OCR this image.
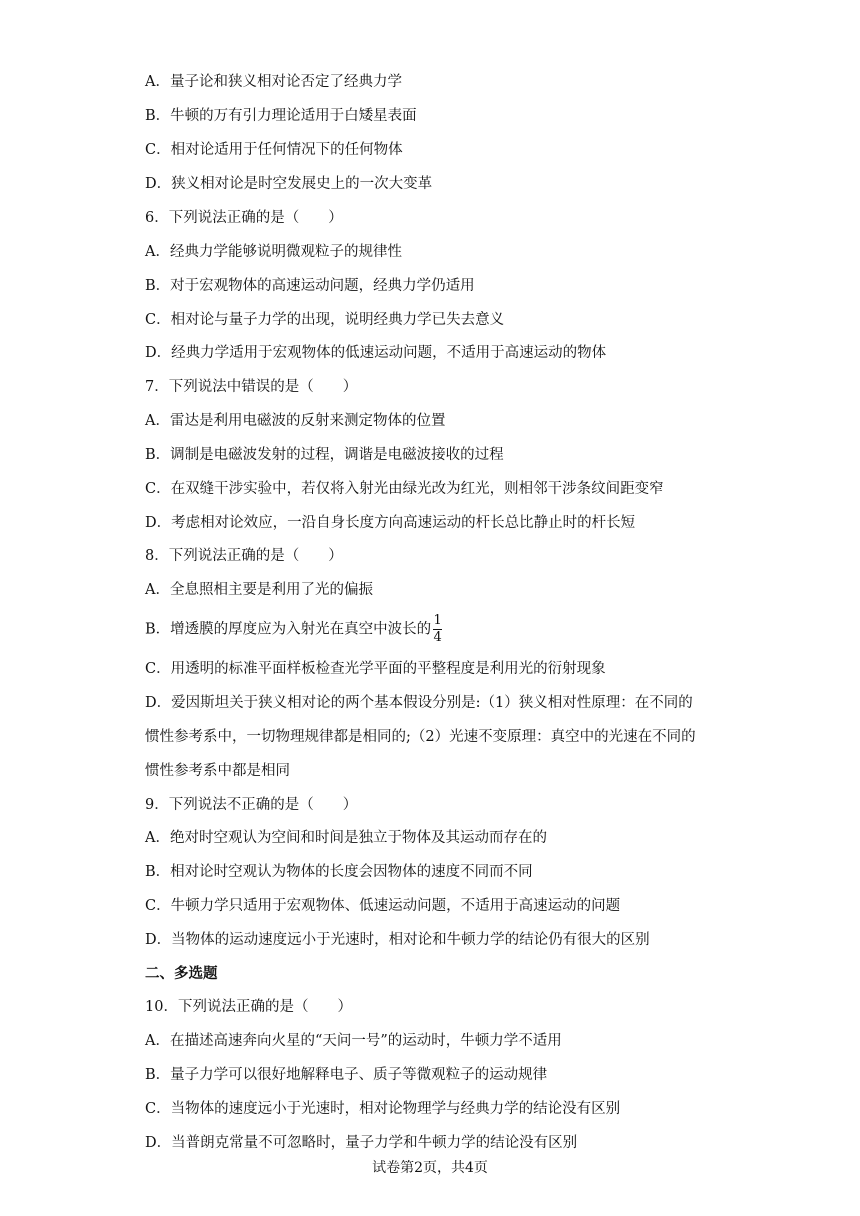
A．量子论和狭义相对论否定了经典力学
B．牛顿的万有引力理论适用于白矮星表面
C．相对论适用于任何情况下的任何物体
D．狭义相对论是时空发展史上的一次大变革
6．下列说法正确的是（　　）
A．经典力学能够说明微观粒子的规律性
B．对于宏观物体的高速运动问题，经典力学仍适用
C．相对论与量子力学的出现，说明经典力学已失去意义
D．经典力学适用于宏观物体的低速运动问题，不适用于高速运动的物体
7．下列说法中错误的是（　　）
A．雷达是利用电磁波的反射来测定物体的位置
B．调制是电磁波发射的过程，调谐是电磁波接收的过程
C．在双缝干涉实验中，若仅将入射光由绿光改为红光，则相邻干涉条纹间距变窄
D．考虑相对论效应，一沿自身长度方向高速运动的杆长总比静止时的杆长短
8．下列说法正确的是（　　）
A．全息照相主要是利用了光的偏振
B．增透膜的厚度应为入射光在真空中波长的 $\frac{1}{4}$
C．用透明的标准平面样板检查光学平面的平整程度是利用光的衍射现象
D．爱因斯坦关于狭义相对论的两个基本假设分别是:（1）狭义相对性原理：在不同的
惯性参考系中，一切物理规律都是相同的;（2）光速不变原理：真空中的光速在不同的
惯性参考系中都是相同
9．下列说法不正确的是（　　）
A．绝对时空观认为空间和时间是独立于物体及其运动而存在的
B．相对论时空观认为物体的长度会因物体的速度不同而不同
C．牛顿力学只适用于宏观物体、低速运动问题，不适用于高速运动的问题
D．当物体的运动速度远小于光速时，相对论和牛顿力学的结论仍有很大的区别
二、多选题
10．下列说法正确的是（　　）
A．在描述高速奔向火星的“天问一号”的运动时，牛顿力学不适用
B．量子力学可以很好地解释电子、质子等微观粒子的运动规律
C．当物体的速度远小于光速时，相对论物理学与经典力学的结论没有区别
D．当普朗克常量不可忽略时，量子力学和牛顿力学的结论没有区别
试卷第2页，共4页
